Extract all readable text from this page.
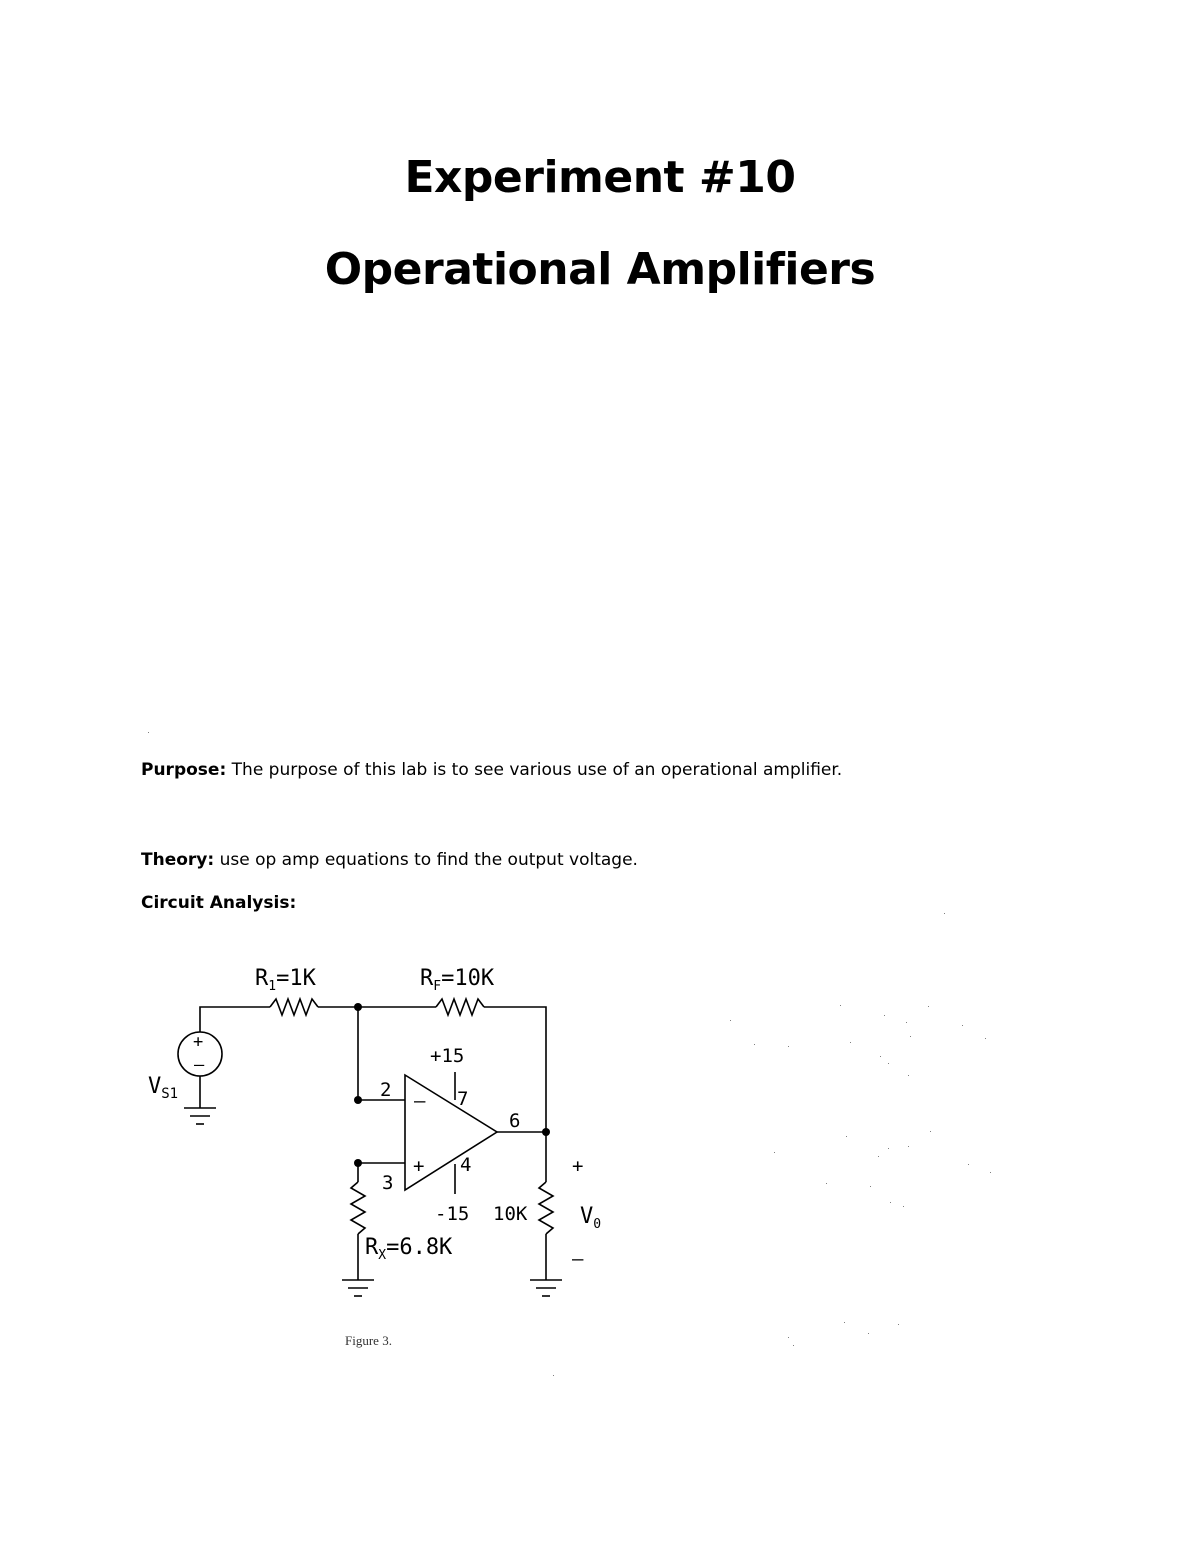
Experiment #10
Operational Amplifiers
Purpose: The purpose of this lab is to see various use of an operational amplifier.
Theory: use op amp equations to find the output voltage.
Circuit Analysis:
$R_1=1K$	$R_F=10K$
$V_{S1}$
+15
-15
2
3
7
4
6
–
+
+
–
$R_X=6.8K$
10K
+
$V_0$
–
Figure 3.
